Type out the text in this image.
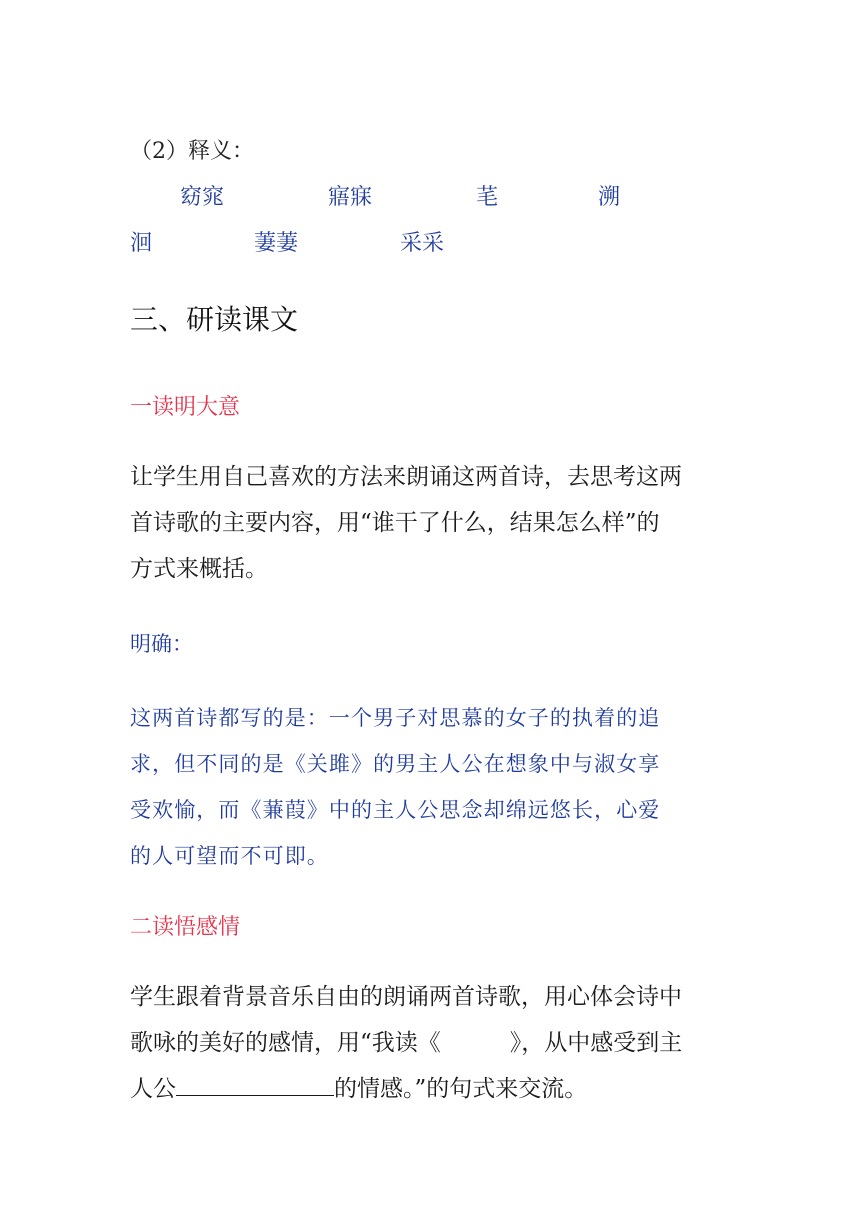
（2）释义：
窈窕	寤寐	芼	溯
洄	萋萋	采采
三、研读课文
一读明大意
让学生用自己喜欢的方法来朗诵这两首诗，去思考这两
首诗歌的主要内容，用“谁干了什么，结果怎么样”的
方式来概括。
明确：
这两首诗都写的是：一个男子对思慕的女子的执着的追
求，但不同的是《关雎》的男主人公在想象中与淑女享
受欢愉，而《蒹葭》中的主人公思念却绵远悠长，心爱
的人可望而不可即。
二读悟感情
学生跟着背景音乐自由的朗诵两首诗歌，用心体会诗中
歌咏的美好的感情，用“我读《　　　》，从中感受到主
人公	的情感。”的句式来交流。
